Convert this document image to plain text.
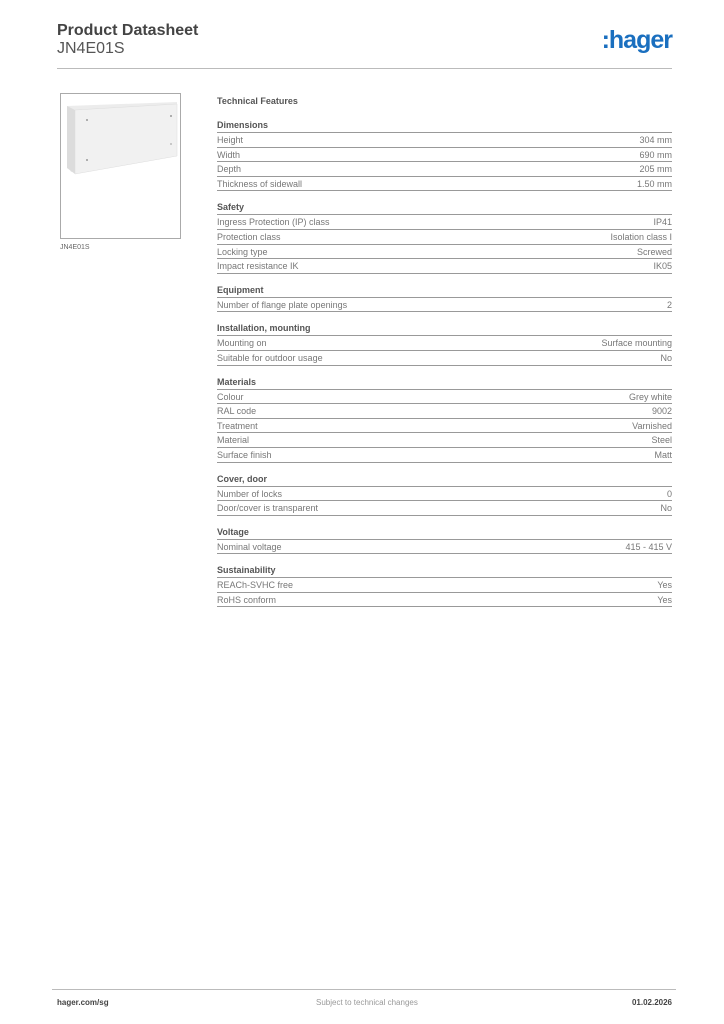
Product Datasheet
JN4E01S	:hager
JN4E01S
Technical Features
Dimensions
Height	304 mm
Width	690 mm
Depth	205 mm
Thickness of sidewall	1.50 mm
Safety
Ingress Protection (IP) class	IP41
Protection class	Isolation class I
Locking type	Screwed
Impact resistance IK	IK05
Equipment
Number of flange plate openings	2
Installation, mounting
Mounting on	Surface mounting
Suitable for outdoor usage	No
Materials
Colour	Grey white
RAL code	9002
Treatment	Varnished
Material	Steel
Surface finish	Matt
Cover, door
Number of locks	0
Door/cover is transparent	No
Voltage
Nominal voltage	415 - 415 V
Sustainability
REACh-SVHC free	Yes
RoHS conform	Yes
hager.com/sg	Subject to technical changes	01.02.2026
